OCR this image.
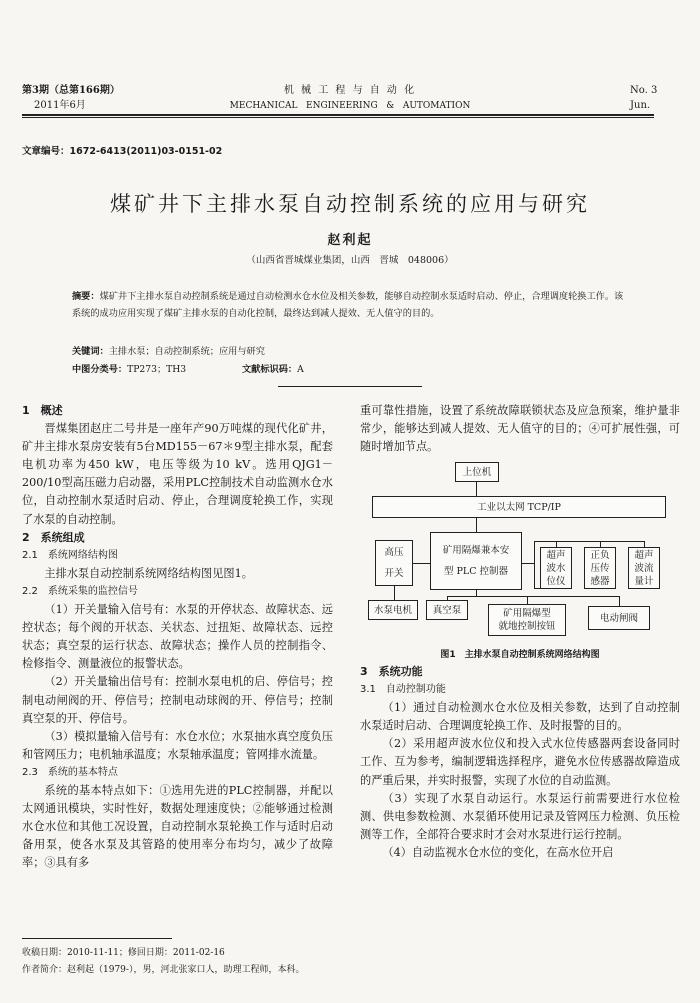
第3期（总第166期）
2011年6月
机 械 工 程 与 自 动 化
MECHANICAL   ENGINEERING   &   AUTOMATION
No. 3
Jun.
文章编号：1672-6413(2011)03-0151-02
煤矿井下主排水泵自动控制系统的应用与研究
赵利起
（山西省晋城煤业集团，山西　晋城　048006）
摘要：煤矿井下主排水泵自动控制系统是通过自动检测水仓水位及相关参数，能够自动控制水泵适时启动、停止，合理调度轮换工作。该系统的成功应用实现了煤矿主排水泵的自动化控制，最终达到减人提效、无人值守的目的。
关键词：主排水泵；自动控制系统；应用与研究
中图分类号：TP273；TH3	文献标识码：A

1　概述

晋煤集团赵庄二号井是一座年产90万吨煤的现代化矿井，矿井主排水泵房安装有5台MD155－67＊9型主排水泵，配套电机功率为450 kW，电压等级为10 kV。选用QJG1－200/10型高压磁力启动器，采用PLC控制技术自动监测水仓水位，自动控制水泵适时启动、停止，合理调度轮换工作，实现了水泵的自动控制。

2　系统组成

2.1　系统网络结构图

主排水泵自动控制系统网络结构图见图1。

2.2　系统采集的监控信号

（1）开关量输入信号有：水泵的开停状态、故障状态、远控状态；每个阀的开状态、关状态、过扭矩、故障状态、远控状态；真空泵的运行状态、故障状态；操作人员的控制指令、检修指令、测量液位的报警状态。

（2）开关量输出信号有：控制水泵电机的启、停信号；控制电动闸阀的开、停信号；控制电动球阀的开、停信号；控制真空泵的开、停信号。

（3）模拟量输入信号有：水仓水位；水泵抽水真空度负压和管网压力；电机轴承温度；水泵轴承温度；管网排水流量。

2.3　系统的基本特点

系统的基本特点如下：①选用先进的PLC控制器，并配以太网通讯模块，实时性好，数据处理速度快；②能够通过检测水仓水位和其他工况设置，自动控制水泵轮换工作与适时启动备用泵，使各水泵及其管路的使用率分布均匀，减少了故障率；③具有多

重可靠性措施，设置了系统故障联锁状态及应急预案，维护量非常少，能够达到减人提效、无人值守的目的；④可扩展性强，可随时增加节点。

上位机
工业以太网 TCP/IP
高压
开关
矿用隔爆兼本安
型 PLC 控制器
超声
波水
位仪
正负
压传
感器
超声
波流
量计
水泵电机 真空泵	矿用隔爆型
就地控制按钮
电动闸阀
图1　主排水泵自动控制系统网络结构图

3　系统功能

3.1　自动控制功能

（1）通过自动检测水仓水位及相关参数，达到了自动控制水泵适时启动、合理调度轮换工作、及时报警的目的。

（2）采用超声波水位仪和投入式水位传感器两套设备同时工作、互为参考，编制逻辑选择程序，避免水位传感器故障造成的严重后果，并实时报警，实现了水位的自动监测。

（3）实现了水泵自动运行。水泵运行前需要进行水位检测、供电参数检测、水泵循环使用记录及管网压力检测、负压检测等工作，全部符合要求时才会对水泵进行运行控制。

（4）自动监视水仓水位的变化，在高水位开启

收稿日期：2010-11-11；修回日期：2011-02-16
作者简介：赵利起（1979-），男，河北张家口人，助理工程师，本科。
